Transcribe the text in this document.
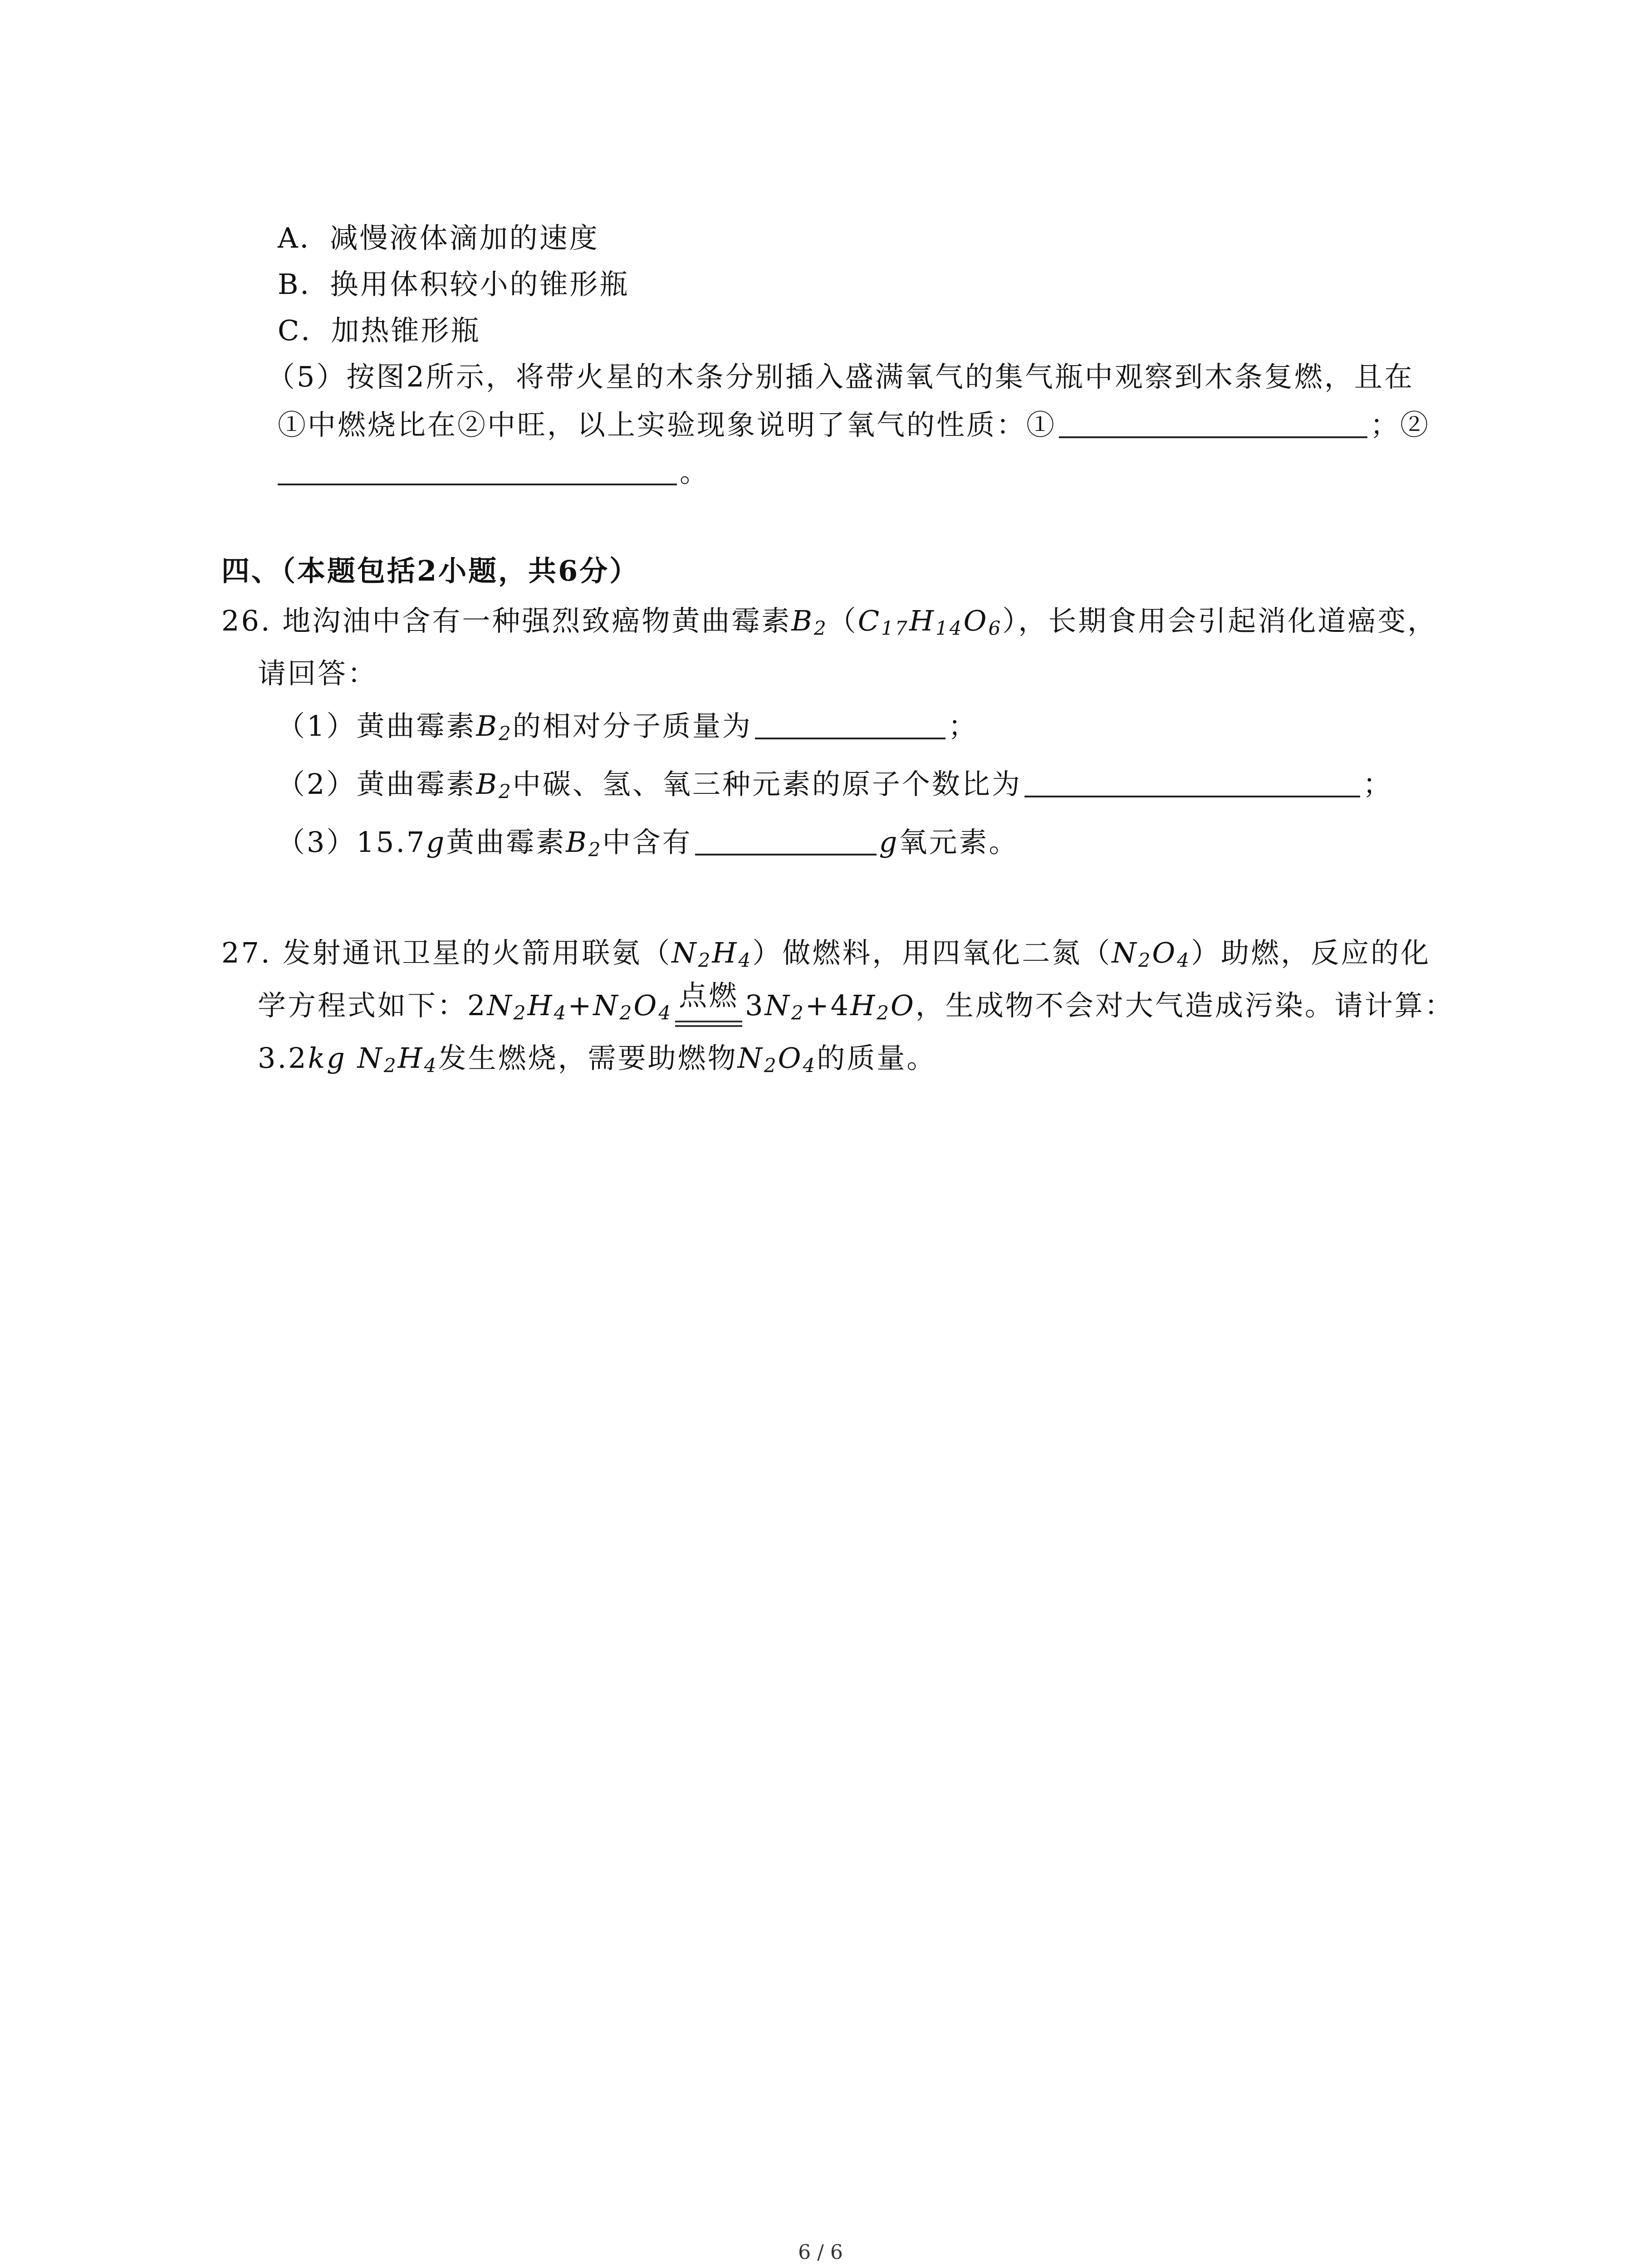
A．减慢液体滴加的速度
B．换用体积较小的锥形瓶
C．加热锥形瓶
（5）按图2所示，将带火星的木条分别插入盛满氧气的集气瓶中观察到木条复燃，且在
①中燃烧比在②中旺，以上实验现象说明了氧气的性质：①	；②
。
四、（本题包括2小题，共6分）
26. 地沟油中含有一种强烈致癌物黄曲霉素$B_2(C_{17}H_{14}O_6)$，长期食用会引起消化道癌变，
请回答：
（1）黄曲霉素$B_2$的相对分子质量为	；
（2）黄曲霉素$B_2$中碳、氢、氧三种元素的原子个数比为	；
（3）15.7g黄曲霉素$B_2$中含有	g氧元素。
27. 发射通讯卫星的火箭用联氨$(N_2H_4)$做燃料，用四氧化二氮$(N_2O_4)$助燃，反应的化
学方程式如下：$2N_2H_4+N_2O_4$点燃 $3N_2+4H_2O$，生成物不会对大气造成污染。请计算：
3.2kg $N_2H_4$发生燃烧，需要助燃物$N_2O_4$的质量。
6 / 6
